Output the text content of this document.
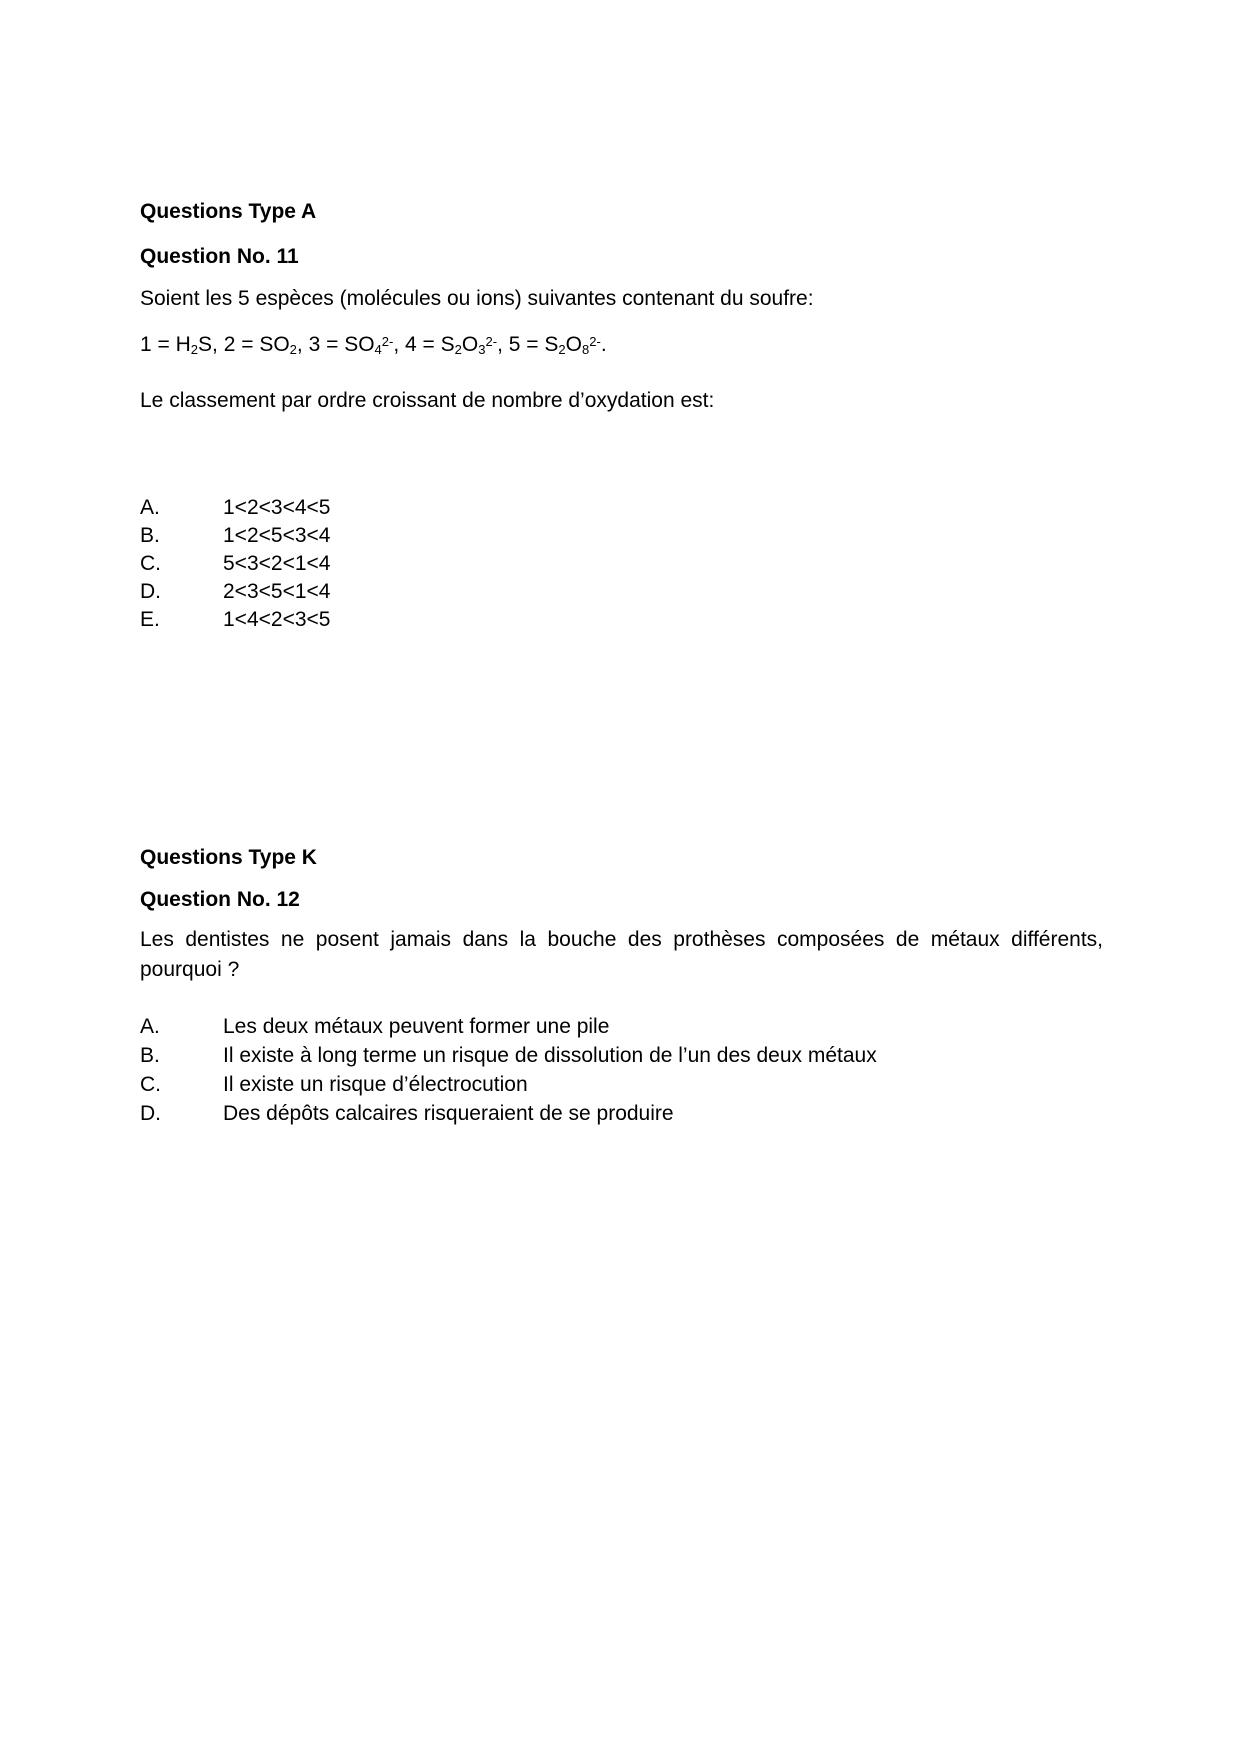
Questions Type A
Question No. 11
Soient les 5 espèces (molécules ou ions) suivantes contenant du soufre:
1 = H2S, 2 = SO2, $3 = SO4^{2-}$, $4 = S2O3^{2-}$, $5 = S2O8^{2-}$.
Le classement par ordre croissant de nombre d’oxydation est:
A.	1<2<3<4<5
B.	1<2<5<3<4
C.	5<3<2<1<4
D.	2<3<5<1<4
E.	1<4<2<3<5
Questions Type K
Question No. 12
Les dentistes ne posent jamais dans la bouche des prothèses composées de métaux différents, pourquoi ?
A.	Les deux métaux peuvent former une pile
B.	Il existe à long terme un risque de dissolution de l’un des deux métaux
C.	Il existe un risque d’électrocution
D.	Des dépôts calcaires risqueraient de se produire
